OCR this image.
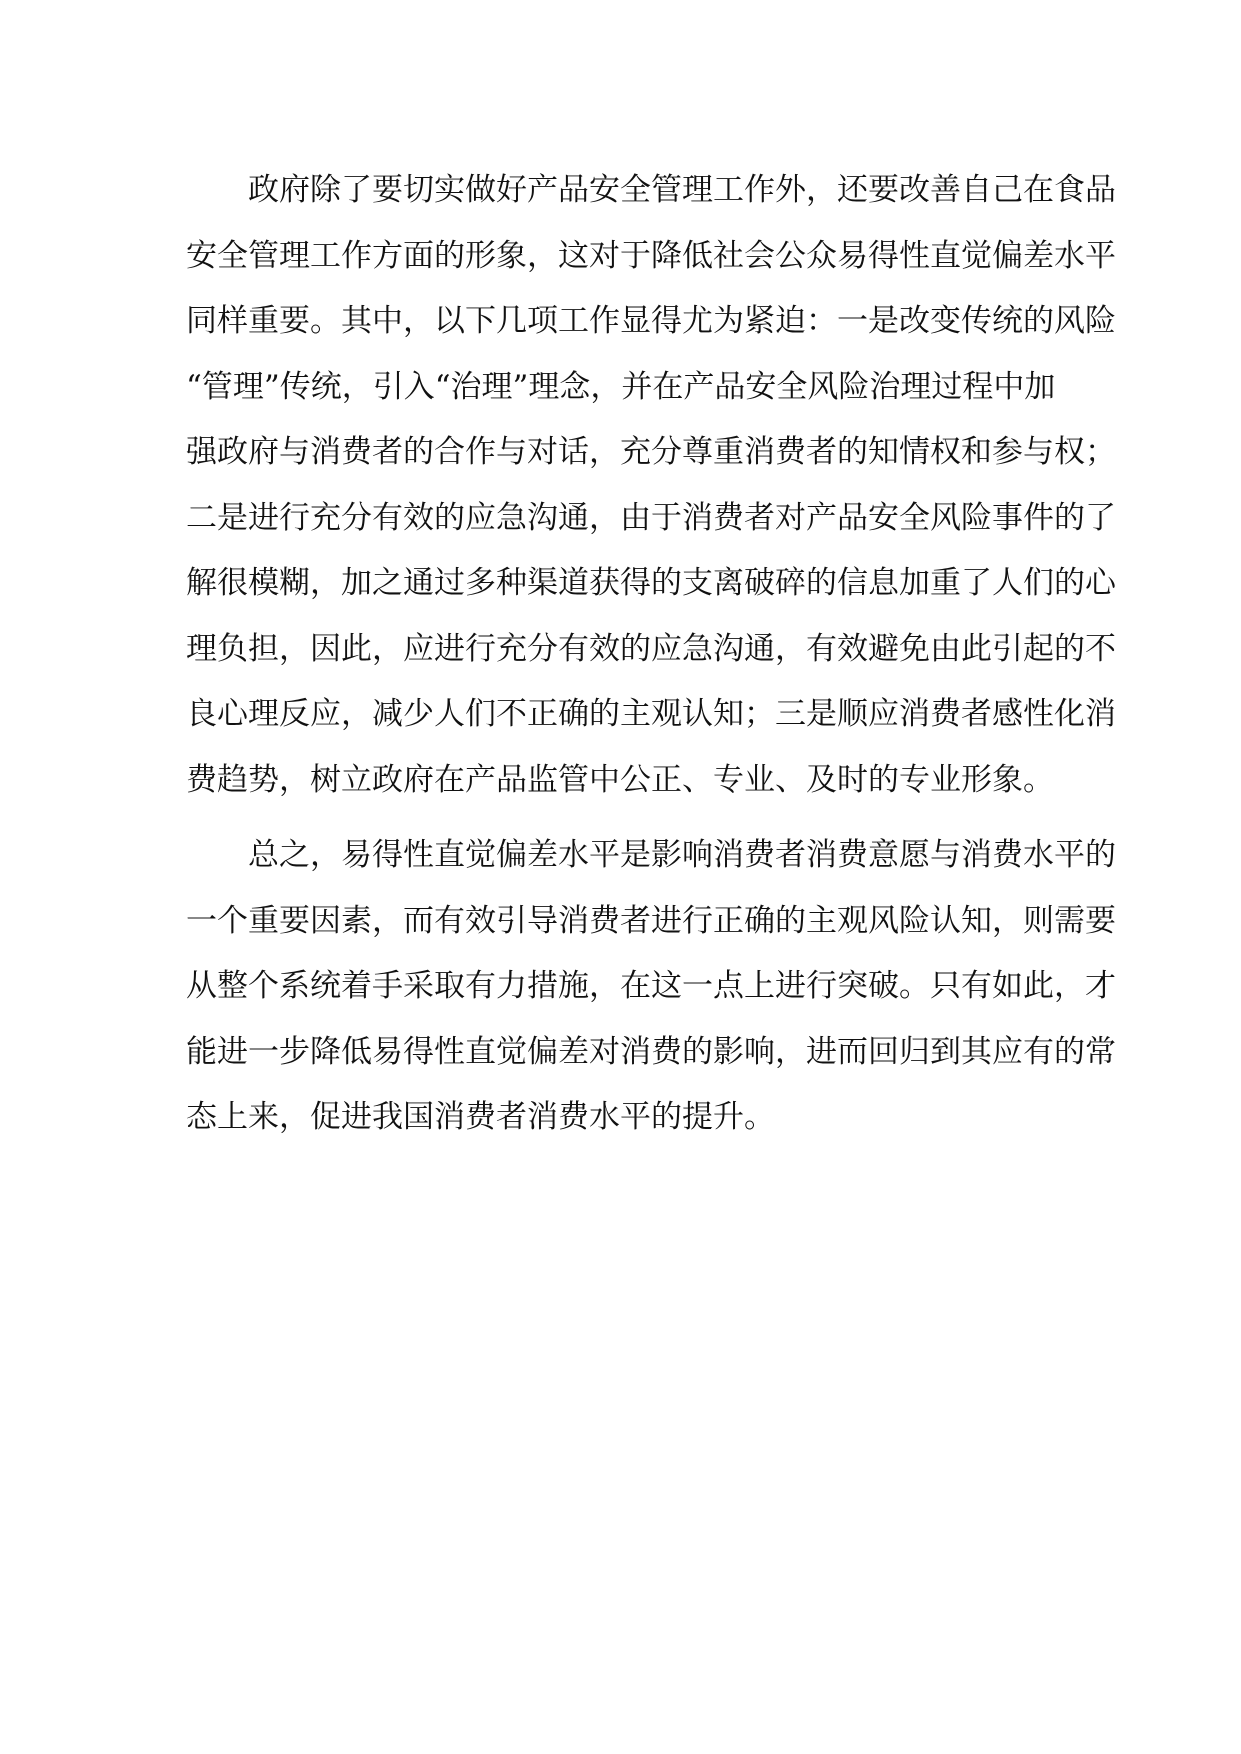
政府除了要切实做好产品安全管理工作外，还要改善自己在食品
安全管理工作方面的形象，这对于降低社会公众易得性直觉偏差水平
同样重要。其中，以下几项工作显得尤为紧迫：一是改变传统的风险
“管理”传统，引入“治理”理念，并在产品安全风险治理过程中加
强政府与消费者的合作与对话，充分尊重消费者的知情权和参与权；
二是进行充分有效的应急沟通，由于消费者对产品安全风险事件的了
解很模糊，加之通过多种渠道获得的支离破碎的信息加重了人们的心
理负担，因此，应进行充分有效的应急沟通，有效避免由此引起的不
良心理反应，减少人们不正确的主观认知；三是顺应消费者感性化消
费趋势，树立政府在产品监管中公正、专业、及时的专业形象。

总之，易得性直觉偏差水平是影响消费者消费意愿与消费水平的
一个重要因素，而有效引导消费者进行正确的主观风险认知，则需要
从整个系统着手采取有力措施，在这一点上进行突破。只有如此，才
能进一步降低易得性直觉偏差对消费的影响，进而回归到其应有的常
态上来，促进我国消费者消费水平的提升。
